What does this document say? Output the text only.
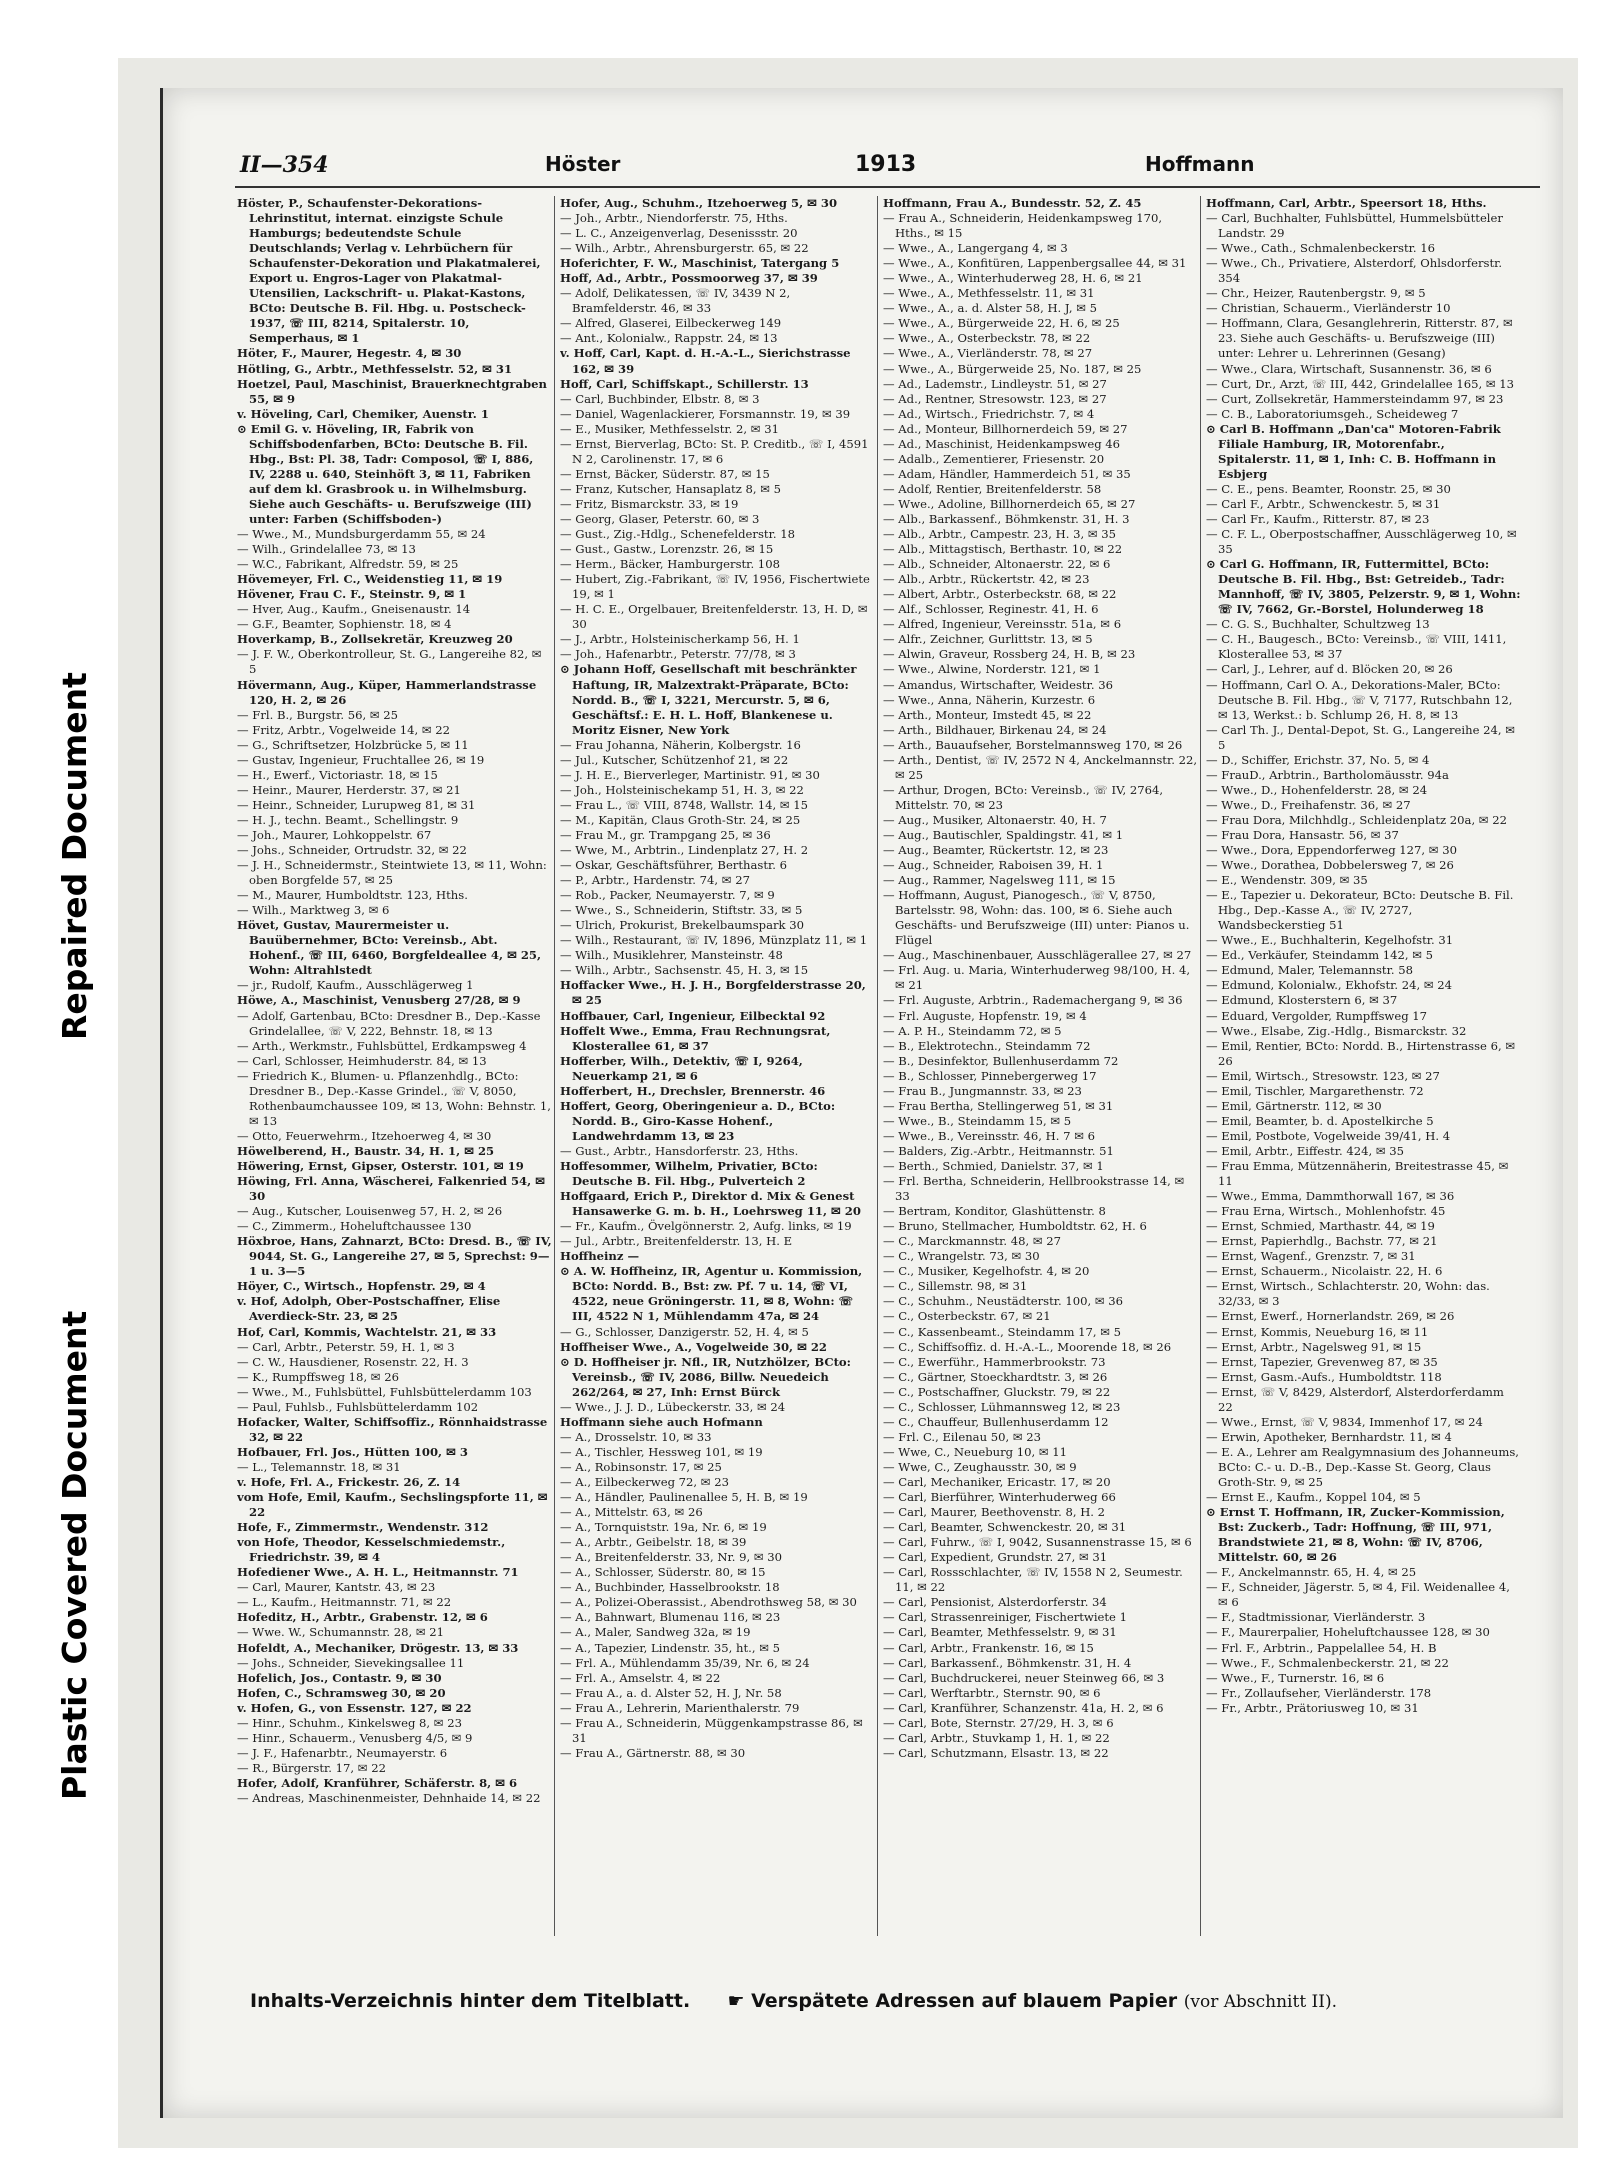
Repaired Document
Plastic Covered Document
II—354	Höster	1913	Hoffmann

Höster, P., Schaufenster-Dekorations-Lehrinstitut, internat. einzigste Schule Hamburgs; bedeutendste Schule Deutschlands; Verlag v. Lehrbüchern für Schaufenster-Dekoration und Plakatmalerei, Export u. Engros-Lager von Plakatmal-Utensilien, Lackschrift- u. Plakat-Kastons, BCto: Deutsche B. Fil. Hbg. u. Postscheck-1937, ☏ III, 8214, Spitalerstr. 10, Semperhaus, ✉ 1

Höter, F., Maurer, Hegestr. 4, ✉ 30

Hötling, G., Arbtr., Methfesselstr. 52, ✉ 31

Hoetzel, Paul, Maschinist, Brauerknechtgraben 55, ✉ 9

v. Höveling, Carl, Chemiker, Auenstr. 1

⊙ Emil G. v. Höveling, IR, Fabrik von Schiffsbodenfarben, BCto: Deutsche B. Fil. Hbg., Bst: Pl. 38, Tadr: Composol, ☏ I, 886, IV, 2288 u. 640, Steinhöft 3, ✉ 11, Fabriken auf dem kl. Grasbrook u. in Wilhelmsburg. Siehe auch Geschäfts- u. Berufszweige (III) unter: Farben (Schiffsboden-)

— Wwe., M., Mundsburgerdamm 55, ✉ 24

— Wilh., Grindelallee 73, ✉ 13

— W.C., Fabrikant, Alfredstr. 59, ✉ 25

Hövemeyer, Frl. C., Weidenstieg 11, ✉ 19

Hövener, Frau C. F., Steinstr. 9, ✉ 1

— Hver, Aug., Kaufm., Gneisenaustr. 14

— G.F., Beamter, Sophienstr. 18, ✉ 4

Hoverkamp, B., Zollsekretär, Kreuzweg 20

— J. F. W., Oberkontrolleur, St. G., Langereihe 82, ✉ 5

Hövermann, Aug., Küper, Hammerlandstrasse 120, H. 2, ✉ 26

— Frl. B., Burgstr. 56, ✉ 25

— Fritz, Arbtr., Vogelweide 14, ✉ 22

— G., Schriftsetzer, Holzbrücke 5, ✉ 11

— Gustav, Ingenieur, Fruchtallee 26, ✉ 19

— H., Ewerf., Victoriastr. 18, ✉ 15

— Heinr., Maurer, Herderstr. 37, ✉ 21

— Heinr., Schneider, Lurupweg 81, ✉ 31

— H. J., techn. Beamt., Schellingstr. 9

— Joh., Maurer, Lohkoppelstr. 67

— Johs., Schneider, Ortrudstr. 32, ✉ 22

— J. H., Schneidermstr., Steintwiete 13, ✉ 11, Wohn: oben Borgfelde 57, ✉ 25

— M., Maurer, Humboldtstr. 123, Hths.

— Wilh., Marktweg 3, ✉ 6

Hövet, Gustav, Maurermeister u. Bauübernehmer, BCto: Vereinsb., Abt. Hohenf., ☏ III, 6460, Borgfeldeallee 4, ✉ 25, Wohn: Altrahlstedt

— jr., Rudolf, Kaufm., Ausschlägerweg 1

Höwe, A., Maschinist, Venusberg 27/28, ✉ 9

— Adolf, Gartenbau, BCto: Dresdner B., Dep.-Kasse Grindelallee, ☏ V, 222, Behnstr. 18, ✉ 13

— Arth., Werkmstr., Fuhlsbüttel, Erdkampsweg 4

— Carl, Schlosser, Heimhuderstr. 84, ✉ 13

— Friedrich K., Blumen- u. Pflanzenhdlg., BCto: Dresdner B., Dep.-Kasse Grindel., ☏ V, 8050, Rothenbaumchaussee 109, ✉ 13, Wohn: Behnstr. 1, ✉ 13

— Otto, Feuerwehrm., Itzehoerweg 4, ✉ 30

Höwelberend, H., Baustr. 34, H. 1, ✉ 25

Höwering, Ernst, Gipser, Osterstr. 101, ✉ 19

Höwing, Frl. Anna, Wäscherei, Falkenried 54, ✉ 30

— Aug., Kutscher, Louisenweg 57, H. 2, ✉ 26

— C., Zimmerm., Hoheluftchaussee 130

Höxbroe, Hans, Zahnarzt, BCto: Dresd. B., ☏ IV, 9044, St. G., Langereihe 27, ✉ 5, Sprechst: 9—1 u. 3—5

Höyer, C., Wirtsch., Hopfenstr. 29, ✉ 4

v. Hof, Adolph, Ober-Postschaffner, Elise Averdieck-Str. 23, ✉ 25

Hof, Carl, Kommis, Wachtelstr. 21, ✉ 33

— Carl, Arbtr., Peterstr. 59, H. 1, ✉ 3

— C. W., Hausdiener, Rosenstr. 22, H. 3

— K., Rumpffsweg 18, ✉ 26

— Wwe., M., Fuhlsbüttel, Fuhlsbüttelerdamm 103

— Paul, Fuhlsb., Fuhlsbüttelerdamm 102

Hofacker, Walter, Schiffsoffiz., Rönnhaidstrasse 32, ✉ 22

Hofbauer, Frl. Jos., Hütten 100, ✉ 3

— L., Telemannstr. 18, ✉ 31

v. Hofe, Frl. A., Frickestr. 26, Z. 14

vom Hofe, Emil, Kaufm., Sechslingspforte 11, ✉ 22

Hofe, F., Zimmermstr., Wendenstr. 312

von Hofe, Theodor, Kesselschmiedemstr., Friedrichstr. 39, ✉ 4

Hofediener Wwe., A. H. L., Heitmannstr. 71

— Carl, Maurer, Kantstr. 43, ✉ 23

— L., Kaufm., Heitmannstr. 71, ✉ 22

Hofeditz, H., Arbtr., Grabenstr. 12, ✉ 6

— Wwe. W., Schumannstr. 28, ✉ 21

Hofeldt, A., Mechaniker, Drögestr. 13, ✉ 33

— Johs., Schneider, Sievekingsallee 11

Hofelich, Jos., Contastr. 9, ✉ 30

Hofen, C., Schramsweg 30, ✉ 20

v. Hofen, G., von Essenstr. 127, ✉ 22

— Hinr., Schuhm., Kinkelsweg 8, ✉ 23

— Hinr., Schauerm., Venusberg 4/5, ✉ 9

— J. F., Hafenarbtr., Neumayerstr. 6

— R., Bürgerstr. 17, ✉ 22

Hofer, Adolf, Kranführer, Schäferstr. 8, ✉ 6

— Andreas, Maschinenmeister, Dehnhaide 14, ✉ 22

Hofer, Aug., Schuhm., Itzehoerweg 5, ✉ 30

— Joh., Arbtr., Niendorferstr. 75, Hths.

— L. C., Anzeigenverlag, Desenissstr. 20

— Wilh., Arbtr., Ahrensburgerstr. 65, ✉ 22

Hoferichter, F. W., Maschinist, Tatergang 5

Hoff, Ad., Arbtr., Possmoorweg 37, ✉ 39

— Adolf, Delikatessen, ☏ IV, 3439 N 2, Bramfelderstr. 46, ✉ 33

— Alfred, Glaserei, Eilbeckerweg 149

— Ant., Kolonialw., Rappstr. 24, ✉ 13

v. Hoff, Carl, Kapt. d. H.-A.-L., Sierichstrasse 162, ✉ 39

Hoff, Carl, Schiffskapt., Schillerstr. 13

— Carl, Buchbinder, Elbstr. 8, ✉ 3

— Daniel, Wagenlackierer, Forsmannstr. 19, ✉ 39

— E., Musiker, Methfesselstr. 2, ✉ 31

— Ernst, Bierverlag, BCto: St. P. Creditb., ☏ I, 4591 N 2, Carolinenstr. 17, ✉ 6

— Ernst, Bäcker, Süderstr. 87, ✉ 15

— Franz, Kutscher, Hansaplatz 8, ✉ 5

— Fritz, Bismarckstr. 33, ✉ 19

— Georg, Glaser, Peterstr. 60, ✉ 3

— Gust., Zig.-Hdlg., Schenefelderstr. 18

— Gust., Gastw., Lorenzstr. 26, ✉ 15

— Herm., Bäcker, Hamburgerstr. 108

— Hubert, Zig.-Fabrikant, ☏ IV, 1956, Fischertwiete 19, ✉ 1

— H. C. E., Orgelbauer, Breitenfelderstr. 13, H. D, ✉ 30

— J., Arbtr., Holsteinischerkamp 56, H. 1

— Joh., Hafenarbtr., Peterstr. 77/78, ✉ 3

⊙ Johann Hoff, Gesellschaft mit beschränkter Haftung, IR, Malzextrakt-Präparate, BCto: Nordd. B., ☏ I, 3221, Mercurstr. 5, ✉ 6, Geschäftsf.: E. H. L. Hoff, Blankenese u. Moritz Eisner, New York

— Frau Johanna, Näherin, Kolbergstr. 16

— Jul., Kutscher, Schützenhof 21, ✉ 22

— J. H. E., Bierverleger, Martinistr. 91, ✉ 30

— Joh., Holsteinischekamp 51, H. 3, ✉ 22

— Frau L., ☏ VIII, 8748, Wallstr. 14, ✉ 15

— M., Kapitän, Claus Groth-Str. 24, ✉ 25

— Frau M., gr. Trampgang 25, ✉ 36

— Wwe, M., Arbtrin., Lindenplatz 27, H. 2

— Oskar, Geschäftsführer, Berthastr. 6

— P., Arbtr., Hardenstr. 74, ✉ 27

— Rob., Packer, Neumayerstr. 7, ✉ 9

— Wwe., S., Schneiderin, Stiftstr. 33, ✉ 5

— Ulrich, Prokurist, Brekelbaumspark 30

— Wilh., Restaurant, ☏ IV, 1896, Münzplatz 11, ✉ 1

— Wilh., Musiklehrer, Mansteinstr. 48

— Wilh., Arbtr., Sachsenstr. 45, H. 3, ✉ 15

Hoffacker Wwe., H. J. H., Borgfelderstrasse 20, ✉ 25

Hoffbauer, Carl, Ingenieur, Eilbecktal 92

Hoffelt Wwe., Emma, Frau Rechnungsrat, Klosterallee 61, ✉ 37

Hofferber, Wilh., Detektiv, ☏ I, 9264, Neuerkamp 21, ✉ 6

Hofferbert, H., Drechsler, Brennerstr. 46

Hoffert, Georg, Oberingenieur a. D., BCto: Nordd. B., Giro-Kasse Hohenf., Landwehrdamm 13, ✉ 23

— Gust., Arbtr., Hansdorferstr. 23, Hths.

Hoffesommer, Wilhelm, Privatier, BCto: Deutsche B. Fil. Hbg., Pulverteich 2

Hoffgaard, Erich P., Direktor d. Mix & Genest Hansawerke G. m. b. H., Loehrsweg 11, ✉ 20

— Fr., Kaufm., Övelgönnerstr. 2, Aufg. links, ✉ 19

— Jul., Arbtr., Breitenfelderstr. 13, H. E

Hoffheinz —

⊙ A. W. Hoffheinz, IR, Agentur u. Kommission, BCto: Nordd. B., Bst: zw. Pf. 7 u. 14, ☏ VI, 4522, neue Gröningerstr. 11, ✉ 8, Wohn: ☏ III, 4522 N 1, Mühlendamm 47a, ✉ 24

— G., Schlosser, Danzigerstr. 52, H. 4, ✉ 5

Hoffheiser Wwe., A., Vogelweide 30, ✉ 22

⊙ D. Hoffheiser jr. Nfl., IR, Nutzhölzer, BCto: Vereinsb., ☏ IV, 2086, Billw. Neuedeich 262/264, ✉ 27, Inh: Ernst Bürck

— Wwe., J. J. D., Lübeckerstr. 33, ✉ 24

Hoffmann siehe auch Hofmann

— A., Drosselstr. 10, ✉ 33

— A., Tischler, Hessweg 101, ✉ 19

— A., Robinsonstr. 17, ✉ 25

— A., Eilbeckerweg 72, ✉ 23

— A., Händler, Paulinenallee 5, H. B, ✉ 19

— A., Mittelstr. 63, ✉ 26

— A., Tornquiststr. 19a, Nr. 6, ✉ 19

— A., Arbtr., Geibelstr. 18, ✉ 39

— A., Breitenfelderstr. 33, Nr. 9, ✉ 30

— A., Schlosser, Süderstr. 80, ✉ 15

— A., Buchbinder, Hasselbrookstr. 18

— A., Polizei-Oberassist., Abendrothsweg 58, ✉ 30

— A., Bahnwart, Blumenau 116, ✉ 23

— A., Maler, Sandweg 32a, ✉ 19

— A., Tapezier, Lindenstr. 35, ht., ✉ 5

— Frl. A., Mühlendamm 35/39, Nr. 6, ✉ 24

— Frl. A., Amselstr. 4, ✉ 22

— Frau A., a. d. Alster 52, H. J, Nr. 58

— Frau A., Lehrerin, Marienthalerstr. 79

— Frau A., Schneiderin, Müggenkampstrasse 86, ✉ 31

— Frau A., Gärtnerstr. 88, ✉ 30

Hoffmann, Frau A., Bundesstr. 52, Z. 45

— Frau A., Schneiderin, Heidenkampsweg 170, Hths., ✉ 15

— Wwe., A., Langergang 4, ✉ 3

— Wwe., A., Konfitüren, Lappenbergsallee 44, ✉ 31

— Wwe., A., Winterhuderweg 28, H. 6, ✉ 21

— Wwe., A., Methfesselstr. 11, ✉ 31

— Wwe., A., a. d. Alster 58, H. J, ✉ 5

— Wwe., A., Bürgerweide 22, H. 6, ✉ 25

— Wwe., A., Osterbeckstr. 78, ✉ 22

— Wwe., A., Vierländerstr. 78, ✉ 27

— Wwe., A., Bürgerweide 25, No. 187, ✉ 25

— Ad., Lademstr., Lindleystr. 51, ✉ 27

— Ad., Rentner, Stresowstr. 123, ✉ 27

— Ad., Wirtsch., Friedrichstr. 7, ✉ 4

— Ad., Monteur, Billhornerdeich 59, ✉ 27

— Ad., Maschinist, Heidenkampsweg 46

— Adalb., Zementierer, Friesenstr. 20

— Adam, Händler, Hammerdeich 51, ✉ 35

— Adolf, Rentier, Breitenfelderstr. 58

— Wwe., Adoline, Billhornerdeich 65, ✉ 27

— Alb., Barkassenf., Böhmkenstr. 31, H. 3

— Alb., Arbtr., Campestr. 23, H. 3, ✉ 35

— Alb., Mittagstisch, Berthastr. 10, ✉ 22

— Alb., Schneider, Altonaerstr. 22, ✉ 6

— Alb., Arbtr., Rückertstr. 42, ✉ 23

— Albert, Arbtr., Osterbeckstr. 68, ✉ 22

— Alf., Schlosser, Reginestr. 41, H. 6

— Alfred, Ingenieur, Vereinsstr. 51a, ✉ 6

— Alfr., Zeichner, Gurlittstr. 13, ✉ 5

— Alwin, Graveur, Rossberg 24, H. B, ✉ 23

— Wwe., Alwine, Norderstr. 121, ✉ 1

— Amandus, Wirtschafter, Weidestr. 36

— Wwe., Anna, Näherin, Kurzestr. 6

— Arth., Monteur, Imstedt 45, ✉ 22

— Arth., Bildhauer, Birkenau 24, ✉ 24

— Arth., Bauaufseher, Borstelmannsweg 170, ✉ 26

— Arth., Dentist, ☏ IV, 2572 N 4, Anckelmannstr. 22, ✉ 25

— Arthur, Drogen, BCto: Vereinsb., ☏ IV, 2764, Mittelstr. 70, ✉ 23

— Aug., Musiker, Altonaerstr. 40, H. 7

— Aug., Bautischler, Spaldingstr. 41, ✉ 1

— Aug., Beamter, Rückertstr. 12, ✉ 23

— Aug., Schneider, Raboisen 39, H. 1

— Aug., Rammer, Nagelsweg 111, ✉ 15

— Hoffmann, August, Pianogesch., ☏ V, 8750, Bartelsstr. 98, Wohn: das. 100, ✉ 6. Siehe auch Geschäfts- und Berufszweige (III) unter: Pianos u. Flügel

— Aug., Maschinenbauer, Ausschlägerallee 27, ✉ 27

— Frl. Aug. u. Maria, Winterhuderweg 98/100, H. 4, ✉ 21

— Frl. Auguste, Arbtrin., Rademachergang 9, ✉ 36

— Frl. Auguste, Hopfenstr. 19, ✉ 4

— A. P. H., Steindamm 72, ✉ 5

— B., Elektrotechn., Steindamm 72

— B., Desinfektor, Bullenhuserdamm 72

— B., Schlosser, Pinnebergerweg 17

— Frau B., Jungmannstr. 33, ✉ 23

— Frau Bertha, Stellingerweg 51, ✉ 31

— Wwe., B., Steindamm 15, ✉ 5

— Wwe., B., Vereinsstr. 46, H. 7 ✉ 6

— Balders, Zig.-Arbtr., Heitmannstr. 51

— Berth., Schmied, Danielstr. 37, ✉ 1

— Frl. Bertha, Schneiderin, Hellbrookstrasse 14, ✉ 33

— Bertram, Konditor, Glashüttenstr. 8

— Bruno, Stellmacher, Humboldtstr. 62, H. 6

— C., Marckmannstr. 48, ✉ 27

— C., Wrangelstr. 73, ✉ 30

— C., Musiker, Kegelhofstr. 4, ✉ 20

— C., Sillemstr. 98, ✉ 31

— C., Schuhm., Neustädterstr. 100, ✉ 36

— C., Osterbeckstr. 67, ✉ 21

— C., Kassenbeamt., Steindamm 17, ✉ 5

— C., Schiffsoffiz. d. H.-A.-L., Moorende 18, ✉ 26

— C., Ewerführ., Hammerbrookstr. 73

— C., Gärtner, Stoeckhardtstr. 3, ✉ 26

— C., Postschaffner, Gluckstr. 79, ✉ 22

— C., Schlosser, Lühmannsweg 12, ✉ 23

— C., Chauffeur, Bullenhuserdamm 12

— Frl. C., Eilenau 50, ✉ 23

— Wwe, C., Neueburg 10, ✉ 11

— Wwe, C., Zeughausstr. 30, ✉ 9

— Carl, Mechaniker, Ericastr. 17, ✉ 20

— Carl, Bierführer, Winterhuderweg 66

— Carl, Maurer, Beethovenstr. 8, H. 2

— Carl, Beamter, Schwenckestr. 20, ✉ 31

— Carl, Fuhrw., ☏ I, 9042, Susannenstrasse 15, ✉ 6

— Carl, Expedient, Grundstr. 27, ✉ 31

— Carl, Rossschlachter, ☏ IV, 1558 N 2, Seumestr. 11, ✉ 22

— Carl, Pensionist, Alsterdorferstr. 34

— Carl, Strassenreiniger, Fischertwiete 1

— Carl, Beamter, Methfesselstr. 9, ✉ 31

— Carl, Arbtr., Frankenstr. 16, ✉ 15

— Carl, Barkassenf., Böhmkenstr. 31, H. 4

— Carl, Buchdruckerei, neuer Steinweg 66, ✉ 3

— Carl, Werftarbtr., Sternstr. 90, ✉ 6

— Carl, Kranführer, Schanzenstr. 41a, H. 2, ✉ 6

— Carl, Bote, Sternstr. 27/29, H. 3, ✉ 6

— Carl, Arbtr., Stuvkamp 1, H. 1, ✉ 22

— Carl, Schutzmann, Elsastr. 13, ✉ 22

Hoffmann, Carl, Arbtr., Speersort 18, Hths.

— Carl, Buchhalter, Fuhlsbüttel, Hummelsbütteler Landstr. 29

— Wwe., Cath., Schmalenbeckerstr. 16

— Wwe., Ch., Privatiere, Alsterdorf, Ohlsdorferstr. 354

— Chr., Heizer, Rautenbergstr. 9, ✉ 5

— Christian, Schauerm., Vierländerstr 10

— Hoffmann, Clara, Gesanglehrerin, Ritterstr. 87, ✉ 23. Siehe auch Geschäfts- u. Berufszweige (III) unter: Lehrer u. Lehrerinnen (Gesang)

— Wwe., Clara, Wirtschaft, Susannenstr. 36, ✉ 6

— Curt, Dr., Arzt, ☏ III, 442, Grindelallee 165, ✉ 13

— Curt, Zollsekretär, Hammersteindamm 97, ✉ 23

— C. B., Laboratoriumsgeh., Scheideweg 7

⊙ Carl B. Hoffmann „Dan'ca" Motoren-Fabrik Filiale Hamburg, IR, Motorenfabr., Spitalerstr. 11, ✉ 1, Inh: C. B. Hoffmann in Esbjerg

— C. E., pens. Beamter, Roonstr. 25, ✉ 30

— Carl F., Arbtr., Schwenckestr. 5, ✉ 31

— Carl Fr., Kaufm., Ritterstr. 87, ✉ 23

— C. F. L., Oberpostschaffner, Ausschlägerweg 10, ✉ 35

⊙ Carl G. Hoffmann, IR, Futtermittel, BCto: Deutsche B. Fil. Hbg., Bst: Getreideb., Tadr: Mannhoff, ☏ IV, 3805, Pelzerstr. 9, ✉ 1, Wohn: ☏ IV, 7662, Gr.-Borstel, Holunderweg 18

— C. G. S., Buchhalter, Schultzweg 13

— C. H., Baugesch., BCto: Vereinsb., ☏ VIII, 1411, Klosterallee 53, ✉ 37

— Carl, J., Lehrer, auf d. Blöcken 20, ✉ 26

— Hoffmann, Carl O. A., Dekorations-Maler, BCto: Deutsche B. Fil. Hbg., ☏ V, 7177, Rutschbahn 12, ✉ 13, Werkst.: b. Schlump 26, H. 8, ✉ 13

— Carl Th. J., Dental-Depot, St. G., Langereihe 24, ✉ 5

— D., Schiffer, Erichstr. 37, No. 5, ✉ 4

— FrauD., Arbtrin., Bartholomäusstr. 94a

— Wwe., D., Hohenfelderstr. 28, ✉ 24

— Wwe., D., Freihafenstr. 36, ✉ 27

— Frau Dora, Milchhdlg., Schleidenplatz 20a, ✉ 22

— Frau Dora, Hansastr. 56, ✉ 37

— Wwe., Dora, Eppendorferweg 127, ✉ 30

— Wwe., Dorathea, Dobbelersweg 7, ✉ 26

— E., Wendenstr. 309, ✉ 35

— E., Tapezier u. Dekorateur, BCto: Deutsche B. Fil. Hbg., Dep.-Kasse A., ☏ IV, 2727, Wandsbeckerstieg 51

— Wwe., E., Buchhalterin, Kegelhofstr. 31

— Ed., Verkäufer, Steindamm 142, ✉ 5

— Edmund, Maler, Telemannstr. 58

— Edmund, Kolonialw., Ekhofstr. 24, ✉ 24

— Edmund, Klosterstern 6, ✉ 37

— Eduard, Vergolder, Rumpffsweg 17

— Wwe., Elsabe, Zig.-Hdlg., Bismarckstr. 32

— Emil, Rentier, BCto: Nordd. B., Hirtenstrasse 6, ✉ 26

— Emil, Wirtsch., Stresowstr. 123, ✉ 27

— Emil, Tischler, Margarethenstr. 72

— Emil, Gärtnerstr. 112, ✉ 30

— Emil, Beamter, b. d. Apostelkirche 5

— Emil, Postbote, Vogelweide 39/41, H. 4

— Emil, Arbtr., Eiffestr. 424, ✉ 35

— Frau Emma, Mützennäherin, Breitestrasse 45, ✉ 11

— Wwe., Emma, Dammthorwall 167, ✉ 36

— Frau Erna, Wirtsch., Mohlenhofstr. 45

— Ernst, Schmied, Marthastr. 44, ✉ 19

— Ernst, Papierhdlg., Bachstr. 77, ✉ 21

— Ernst, Wagenf., Grenzstr. 7, ✉ 31

— Ernst, Schauerm., Nicolaistr. 22, H. 6

— Ernst, Wirtsch., Schlachterstr. 20, Wohn: das. 32/33, ✉ 3

— Ernst, Ewerf., Hornerlandstr. 269, ✉ 26

— Ernst, Kommis, Neueburg 16, ✉ 11

— Ernst, Arbtr., Nagelsweg 91, ✉ 15

— Ernst, Tapezier, Grevenweg 87, ✉ 35

— Ernst, Gasm.-Aufs., Humboldtstr. 118

— Ernst, ☏ V, 8429, Alsterdorf, Alsterdorferdamm 22

— Wwe., Ernst, ☏ V, 9834, Immenhof 17, ✉ 24

— Erwin, Apotheker, Bernhardstr. 11, ✉ 4

— E. A., Lehrer am Realgymnasium des Johanneums, BCto: C.- u. D.-B., Dep.-Kasse St. Georg, Claus Groth-Str. 9, ✉ 25

— Ernst E., Kaufm., Koppel 104, ✉ 5

⊙ Ernst T. Hoffmann, IR, Zucker-Kommission, Bst: Zuckerb., Tadr: Hoffnung, ☏ III, 971, Brandstwiete 21, ✉ 8, Wohn: ☏ IV, 8706, Mittelstr. 60, ✉ 26

— F., Anckelmannstr. 65, H. 4, ✉ 25

— F., Schneider, Jägerstr. 5, ✉ 4, Fil. Weidenallee 4, ✉ 6

— F., Stadtmissionar, Vierländerstr. 3

— F., Maurerpalier, Hoheluftchaussee 128, ✉ 30

— Frl. F., Arbtrin., Pappelallee 54, H. B

— Wwe., F., Schmalenbeckerstr. 21, ✉ 22

— Wwe., F., Turnerstr. 16, ✉ 6

— Fr., Zollaufseher, Vierländerstr. 178

— Fr., Arbtr., Prätoriusweg 10, ✉ 31

Inhalts-Verzeichnis hinter dem Titelblatt. ☛ Verspätete Adressen auf blauem Papier (vor Abschnitt II).
